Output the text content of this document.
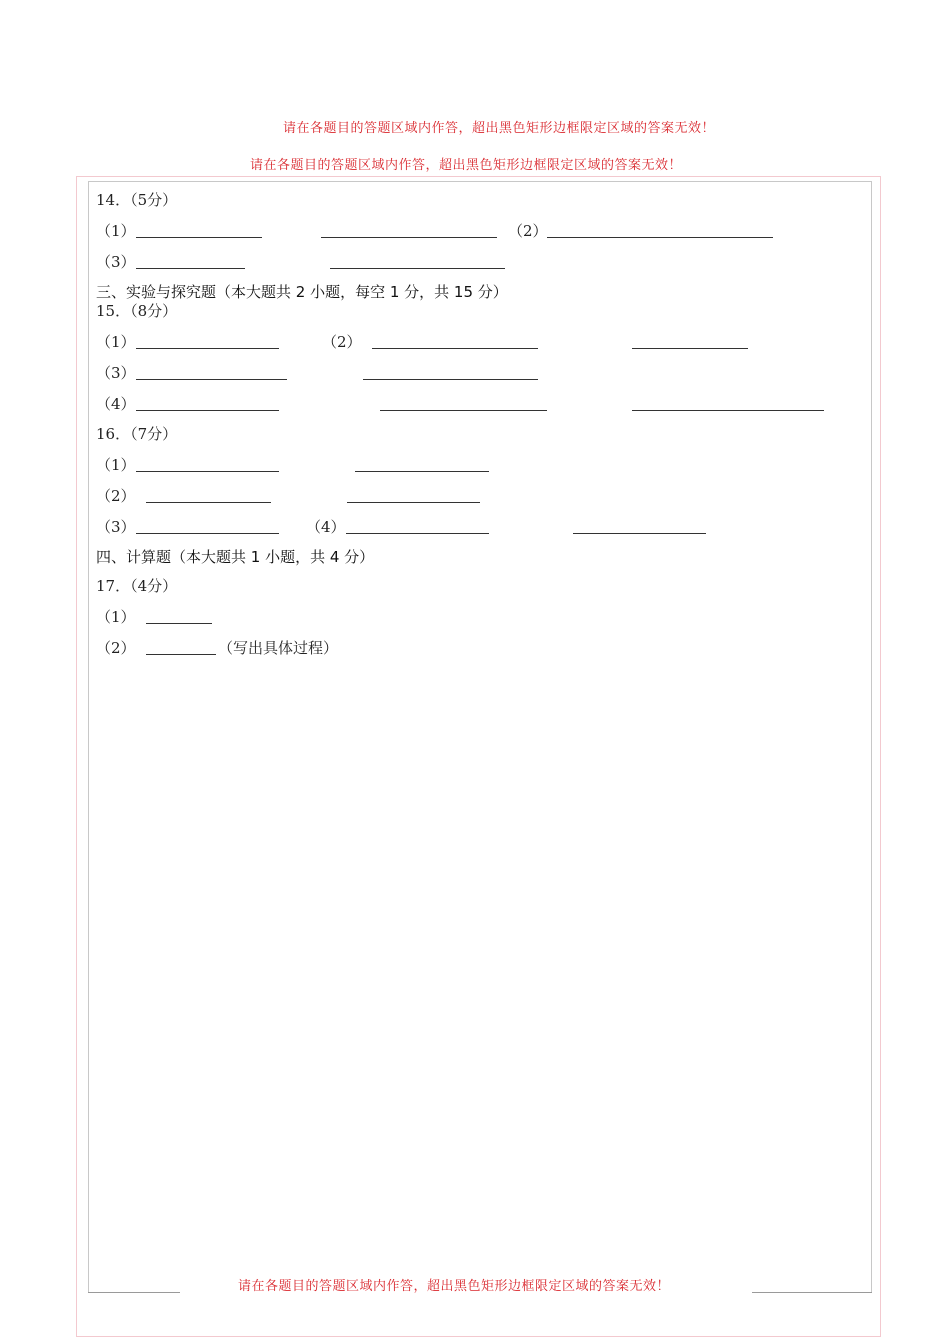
请在各题目的答题区域内作答，超出黑色矩形边框限定区域的答案无效！
请在各题目的答题区域内作答，超出黑色矩形边框限定区域的答案无效！
请在各题目的答题区域内作答，超出黑色矩形边框限定区域的答案无效！
14．（5分）
（1）	（2）
（3）
三、实验与探究题（本大题共 2 小题，每空 1 分，共 15 分）
15．（8分）
（1）	（2）
（3）
（4）
16．（7分）
（1）
（2）
（3）	（4）
四、计算题（本大题共 1 小题，共 4 分）
17．（4分）
（1）
（2）	（写出具体过程）
